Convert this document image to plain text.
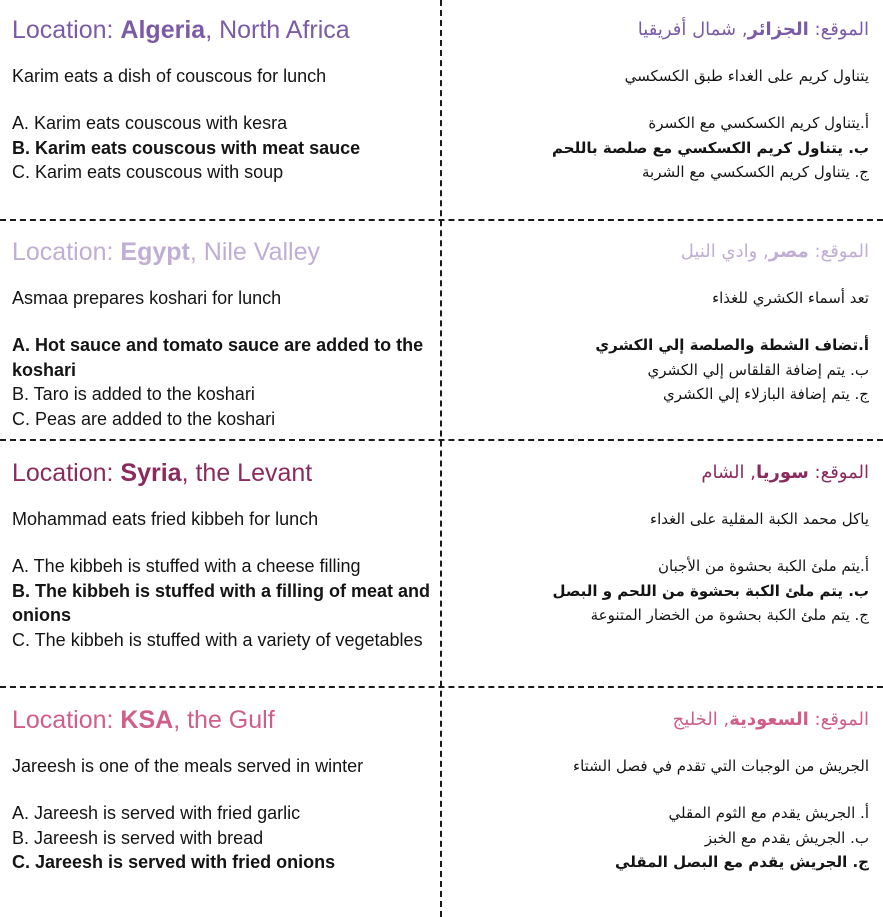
Location: Algeria, North Africa
Karim eats a dish of couscous for lunch
A. Karim eats couscous with kesra
B. Karim eats couscous with meat sauce
C. Karim eats couscous with soup
الموقع: الجزائر, شمال أفريقيا
يتناول كريم على الغداء طبق الكسكسي
أ.يتناول كريم الكسكسي مع الكسرة
ب. يتناول كريم الكسكسي مع صلصة باللحم
ج. يتناول كريم الكسكسي مع الشربة
Location: Egypt, Nile Valley
Asmaa prepares koshari for lunch
A. Hot sauce and tomato sauce are added to the koshari
B. Taro is added to the koshari
C. Peas are added to the koshari
الموقع: مصر, وادي النيل
تعد أسماء الكشري للغذاء
أ.تضاف الشطة والصلصة إلي الكشري
ب. يتم إضافة القلقاس إلي الكشري
ج. يتم إضافة البازلاء إلي الكشري
Location: Syria, the Levant
Mohammad eats fried kibbeh for lunch
A. The kibbeh is stuffed with a cheese filling
B. The kibbeh is stuffed with a filling of meat and onions
C. The kibbeh is stuffed with a variety of vegetables
الموقع: سوريا, الشام
ياكل محمد الكبة المقلية على الغداء
أ.يتم ملئ الكبة بحشوة من الأجبان
ب. يتم ملئ الكبة بحشوة من اللحم و البصل
ج. يتم ملئ الكبة بحشوة من الخضار المتنوعة
Location: KSA, the Gulf
Jareesh is one of the meals served in winter
A. Jareesh is served with fried garlic
B. Jareesh is served with bread
C. Jareesh is served with fried onions
الموقع: السعودية, الخليج
الجريش من الوجبات التي تقدم في فصل الشتاء
أ. الجريش يقدم مع الثوم المقلي
ب. الجريش يقدم مع الخبز
ج. الجريش يقدم مع البصل المقلي
